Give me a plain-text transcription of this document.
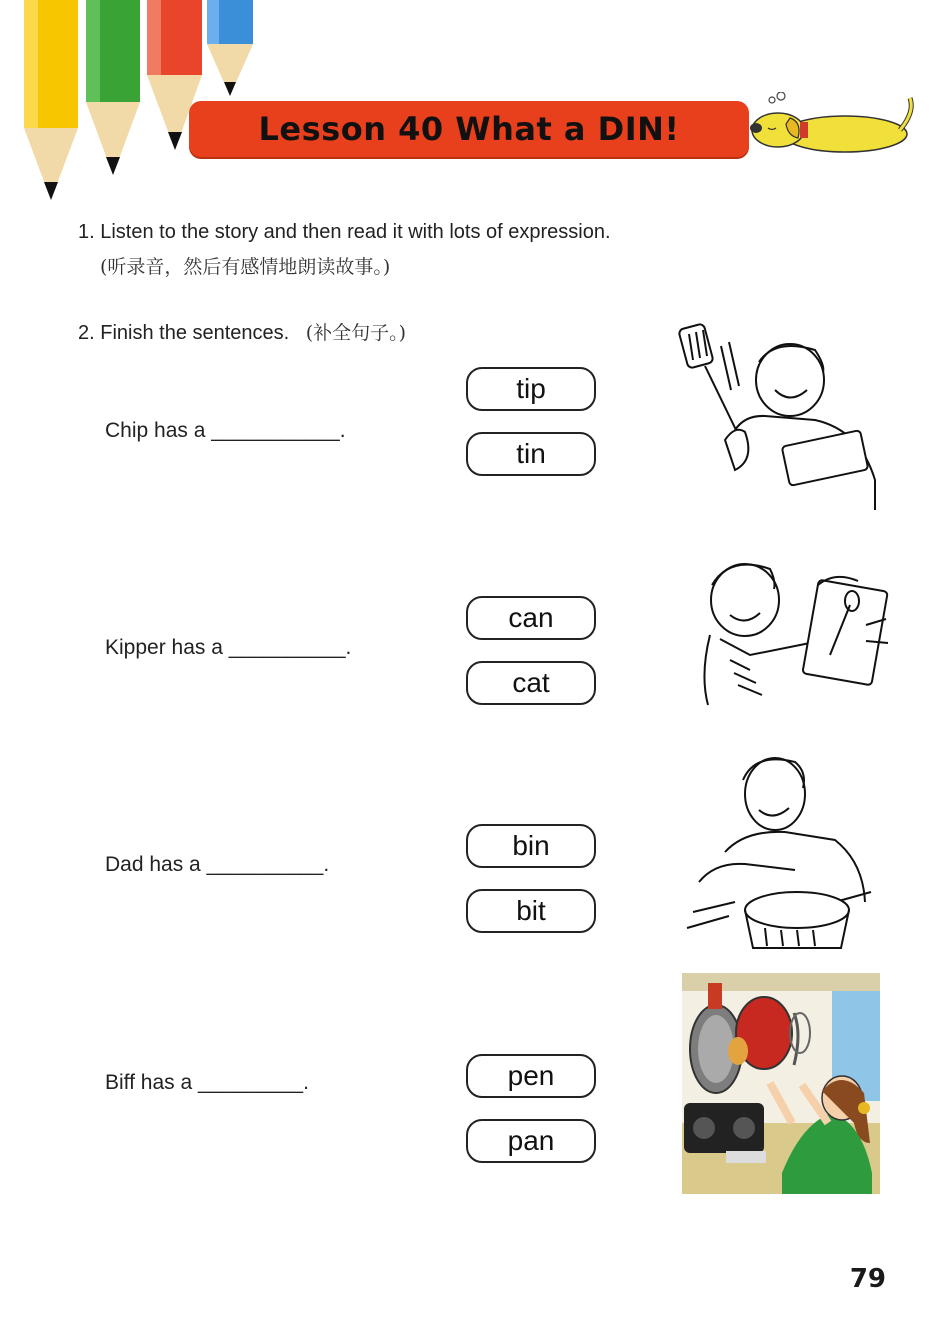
Lesson 40 What a DIN!
1. Listen to the story and then read it with lots of expression.
(听录音，然后有感情地朗读故事。)
2. Finish the sentences. (补全句子。)
Chip has a ___________.
tip
tin
Kipper has a __________.
can
cat
Dad has a __________.
bin
bit
Biff has a _________.	pen
pan
79
